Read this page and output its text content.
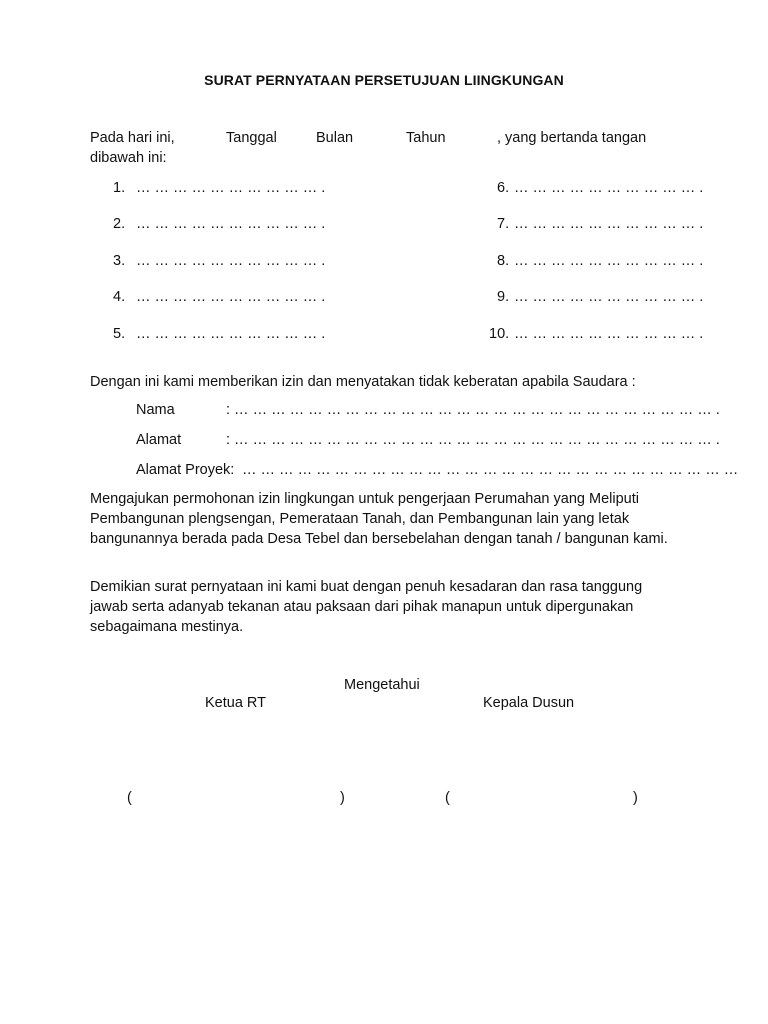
SURAT PERNYATAAN PERSETUJUAN LIINGKUNGAN
Pada hari ini,	Tanggal	Bulan	Tahun	, yang bertanda tangan
dibawah ini:
1. … … … … … … … … … … .
2. … … … … … … … … … … .
3. … … … … … … … … … … .
4. … … … … … … … … … … .
5. … … … … … … … … … … .
6. … … … … … … … … … … .
7. … … … … … … … … … … .
8. … … … … … … … … … … .
9. … … … … … … … … … … .
10. … … … … … … … … … … .
Dengan ini kami memberikan izin dan menyatakan tidak keberatan apabila Saudara :
Nama	: … … … … … … … … … … … … … … … … … … … … … … … … … … .
Alamat	: … … … … … … … … … … … … … … … … … … … … … … … … … … .
Alamat Proyek: … … … … … … … … … … … … … … … … … … … … … … … … … … …
Mengajukan permohonan izin lingkungan untuk pengerjaan Perumahan yang Meliputi Pembangunan plengsengan, Pemerataan Tanah, dan Pembangunan lain yang letak bangunannya berada pada Desa Tebel dan bersebelahan dengan tanah / bangunan kami.
Demikian surat pernyataan ini kami buat dengan penuh kesadaran dan rasa tanggung jawab serta adanyab tekanan atau paksaan dari pihak manapun untuk dipergunakan sebagaimana mestinya.
Mengetahui
Ketua RT	Kepala Dusun
(	)	(	)
